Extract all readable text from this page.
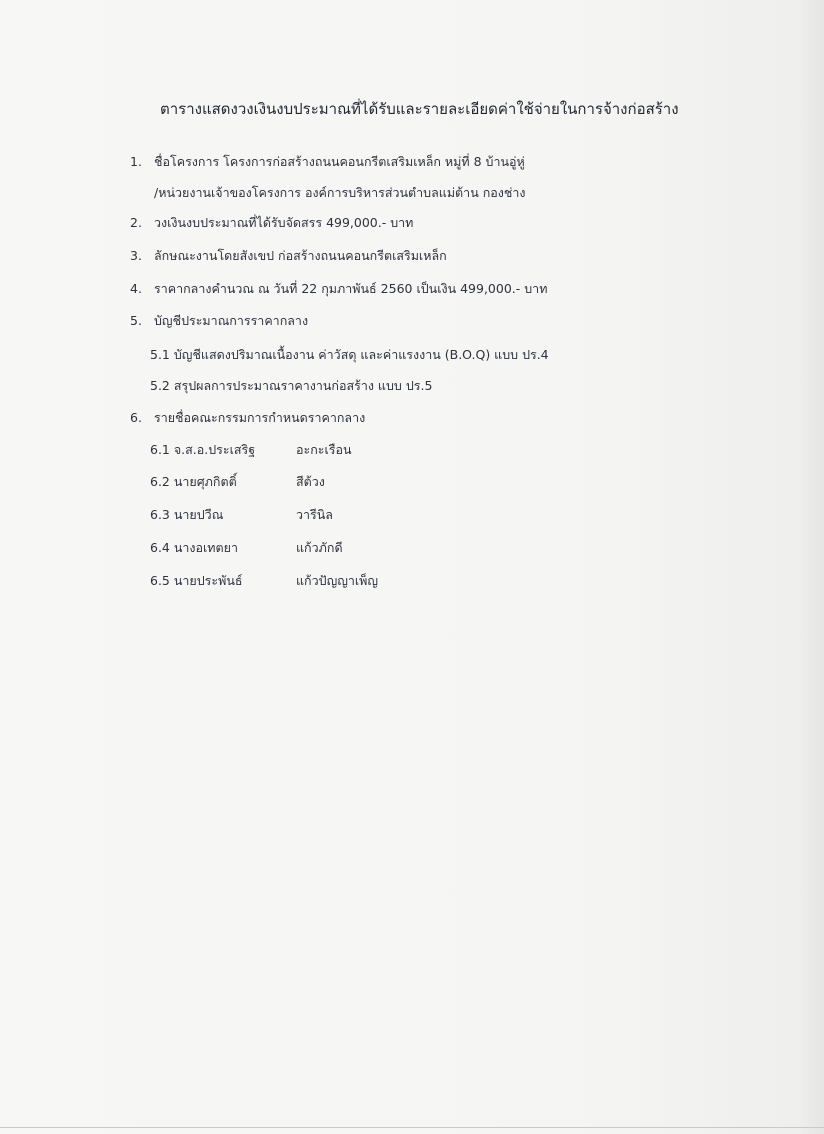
ตารางแสดงวงเงินงบประมาณที่ได้รับและรายละเอียดค่าใช้จ่ายในการจ้างก่อสร้าง
1. ชื่อโครงการ โครงการก่อสร้างถนนคอนกรีตเสริมเหล็ก หมู่ที่ 8 บ้านอู่หู่
/หน่วยงานเจ้าของโครงการ องค์การบริหารส่วนตำบลแม่ต้าน กองช่าง
2. วงเงินงบประมาณที่ได้รับจัดสรร 499,000.- บาท
3. ลักษณะงานโดยสังเขป ก่อสร้างถนนคอนกรีตเสริมเหล็ก
4. ราคากลางคำนวณ ณ วันที่ 22 กุมภาพันธ์ 2560 เป็นเงิน 499,000.- บาท
5. บัญชีประมาณการราคากลาง
5.1 บัญชีแสดงปริมาณเนื้องาน ค่าวัสดุ และค่าแรงงาน (B.O.Q) แบบ ปร.4
5.2 สรุปผลการประมาณราคางานก่อสร้าง แบบ ปร.5
6. รายชื่อคณะกรรมการกำหนดราคากลาง
6.1 จ.ส.อ.ประเสริฐ	อะกะเรือน
6.2 นายศุภกิตติ์	สีต้วง
6.3 นายปวีณ	วารีนิล
6.4 นางอเทตยา	แก้วภักดี
6.5 นายประพันธ์	แก้วปัญญาเพ็ญ
